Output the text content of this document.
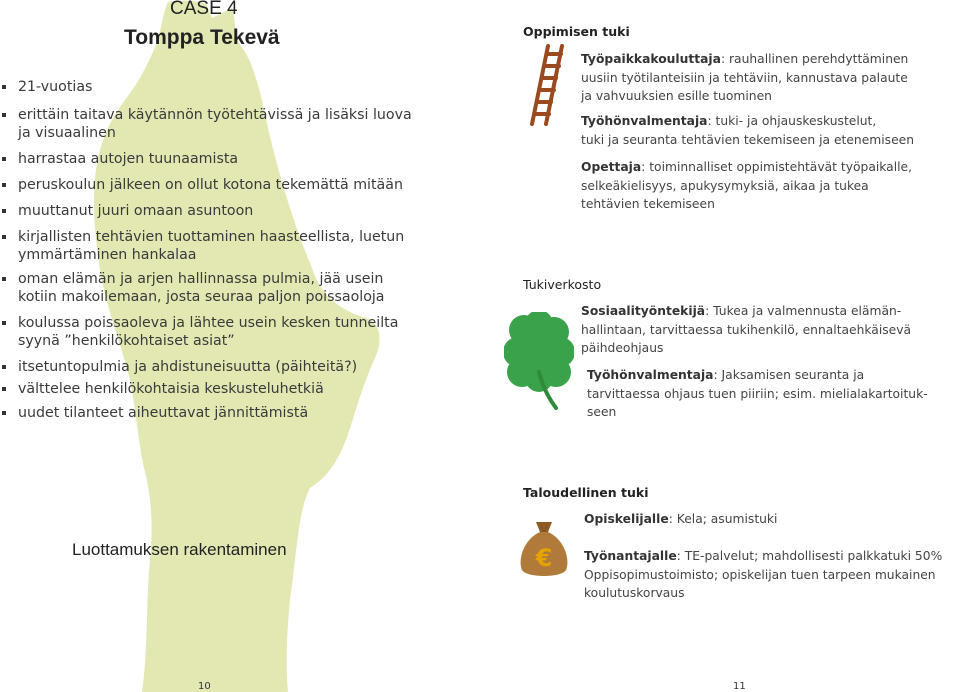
CASE 4
Tomppa Tekevä
21-vuotias
erittäin taitava käytännön työtehtävissä ja lisäksi luova
ja visuaalinen
harrastaa autojen tuunaamista
peruskoulun jälkeen on ollut kotona tekemättä mitään
muuttanut juuri omaan asuntoon
kirjallisten tehtävien tuottaminen haasteellista, luetun
ymmärtäminen hankalaa
oman elämän ja arjen hallinnassa pulmia, jää usein
kotiin makoilemaan, josta seuraa paljon poissaoloja
koulussa poissaoleva ja lähtee usein kesken tunneilta
syynä ”henkilökohtaiset asiat”
itsetuntopulmia ja ahdistuneisuutta (päihteitä?)
välttelee henkilökohtaisia keskusteluhetkiä
uudet tilanteet aiheuttavat jännittämistä
Luottamuksen rakentaminen
10
Oppimisen tuki
Työpaikkakouluttaja: rauhallinen perehdyttäminen
uusiin työtilanteisiin ja tehtäviin, kannustava palaute
ja vahvuuksien esille tuominen
Työhönvalmentaja: tuki- ja ohjauskeskustelut,
tuki ja seuranta tehtävien tekemiseen ja etenemiseen
Opettaja: toiminnalliset oppimistehtävät työpaikalle,
selkeäkielisyys, apukysymyksiä, aikaa ja tukea
tehtävien tekemiseen
Tukiverkosto
Sosiaalityöntekijä: Tukea ja valmennusta elämän-
hallintaan, tarvittaessa tukihenkilö, ennaltaehkäisevä
päihdeohjaus
Työhönvalmentaja: Jaksamisen seuranta ja
tarvittaessa ohjaus tuen piiriin; esim. mielialakartoituk-
seen
Taloudellinen tuki
€
Opiskelijalle: Kela; asumistuki
Työnantajalle: TE-palvelut; mahdollisesti palkkatuki 50%
Oppisopimustoimisto; opiskelijan tuen tarpeen mukainen
koulutuskorvaus
11
